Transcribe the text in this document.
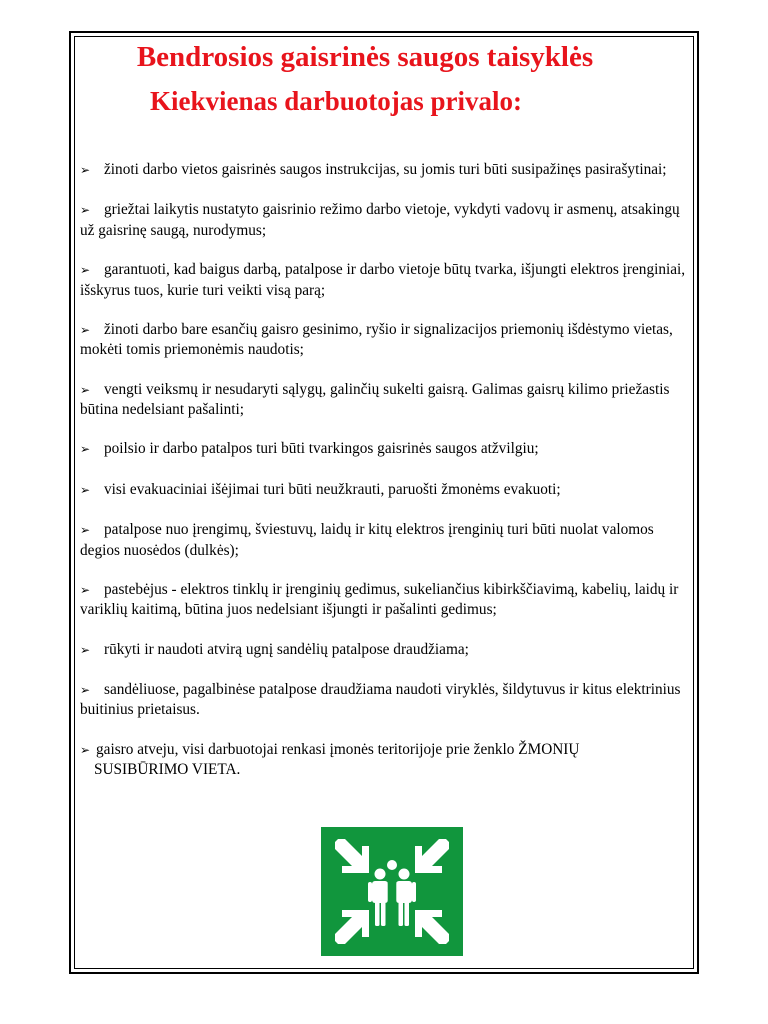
Bendrosios gaisrinės saugos taisyklės
Kiekvienas darbuotojas privalo:
➢ žinoti darbo vietos gaisrinės saugos instrukcijas, su jomis turi būti susipažinęs pasirašytinai;
➢ griežtai laikytis nustatyto gaisrinio režimo darbo vietoje, vykdyti vadovų ir asmenų, atsakingų už gaisrinę saugą, nurodymus;
➢ garantuoti, kad baigus darbą, patalpose ir darbo vietoje būtų tvarka, išjungti elektros įrenginiai, išskyrus tuos, kurie turi veikti visą parą;
➢ žinoti darbo bare esančių gaisro gesinimo, ryšio ir signalizacijos priemonių išdėstymo vietas, mokėti tomis priemonėmis naudotis;
➢ vengti veiksmų ir nesudaryti sąlygų, galinčių sukelti gaisrą. Galimas gaisrų kilimo priežastis būtina nedelsiant pašalinti;
➢ poilsio ir darbo patalpos turi būti tvarkingos gaisrinės saugos atžvilgiu;
➢ visi evakuaciniai išėjimai turi būti neužkrauti, paruošti žmonėms evakuoti;
➢ patalpose nuo įrengimų, šviestuvų, laidų ir kitų elektros įrenginių turi būti nuolat valomos degios nuosėdos (dulkės);
➢ pastebėjus - elektros tinklų ir įrenginių gedimus, sukeliančius kibirkščiavimą, kabelių, laidų ir variklių kaitimą, būtina juos nedelsiant išjungti ir pašalinti gedimus;
➢ rūkyti ir naudoti atvirą ugnį sandėlių patalpose draudžiama;
➢ sandėliuose, pagalbinėse patalpose draudžiama naudoti viryklės, šildytuvus ir kitus elektrinius buitinius prietaisus.
➢ gaisro atveju, visi darbuotojai renkasi įmonės teritorijoje prie ženklo ŽMONIŲ
SUSIBŪRIMO VIETA.
